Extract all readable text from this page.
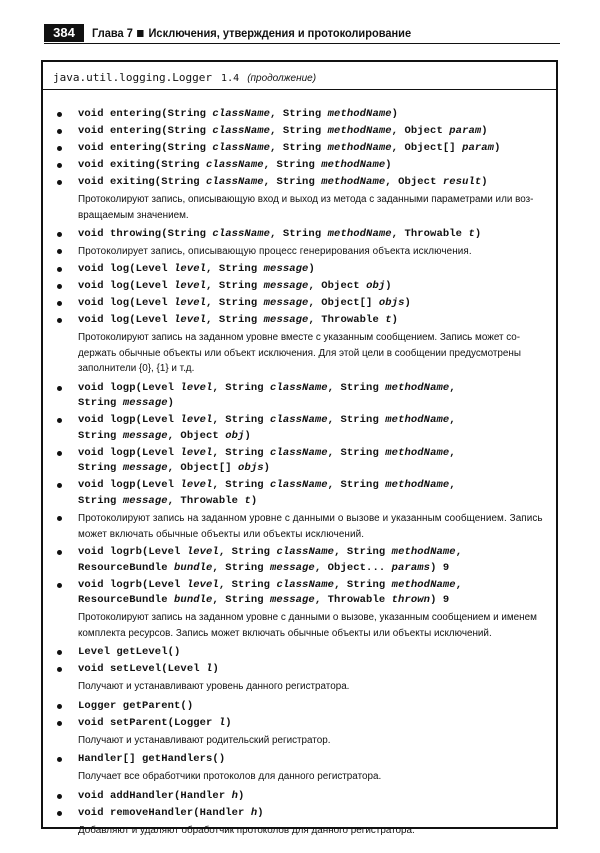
384	Глава 7 Исключения, утверждения и протоколирование
java.util.logging.Logger 1.4 (продолжение)
void entering(String className, String methodName)
void entering(String className, String methodName, Object param)
void entering(String className, String methodName, Object[] param)
void exiting(String className, String methodName)
void exiting(String className, String methodName, Object result)
Протоколируют запись, описывающую вход и выход из метода с заданными параметрами или воз-вращаемым значением.
void throwing(String className, String methodName, Throwable t)
Протоколирует запись, описывающую процесс генерирования объекта исключения.
void log(Level level, String message)
void log(Level level, String message, Object obj)
void log(Level level, String message, Object[] objs)
void log(Level level, String message, Throwable t)
Протоколируют запись на заданном уровне вместе с указанным сообщением. Запись может со-держать обычные объекты или объект исключения. Для этой цели в сообщении предусмотрены заполнители {0}, {1} и т.д.
void logp(Level level, String className, String methodName,
String message)
void logp(Level level, String className, String methodName,
String message, Object obj)
void logp(Level level, String className, String methodName,
String message, Object[] objs)
void logp(Level level, String className, String methodName,
String message, Throwable t)
Протоколируют запись на заданном уровне с данными о вызове и указанным сообщением. Запись может включать обычные объекты или объекты исключений.
void logrb(Level level, String className, String methodName,
ResourceBundle bundle, String message, Object... params) 9
void logrb(Level level, String className, String methodName,
ResourceBundle bundle, String message, Throwable thrown) 9
Протоколируют запись на заданном уровне с данными о вызове, указанным сообщением и именем комплекта ресурсов. Запись может включать обычные объекты или объекты исключений.
Level getLevel()
void setLevel(Level l)
Получают и устанавливают уровень данного регистратора.
Logger getParent()
void setParent(Logger l)
Получают и устанавливают родительский регистратор.
Handler[] getHandlers()
Получает все обработчики протоколов для данного регистратора.
void addHandler(Handler h)
void removeHandler(Handler h)
Добавляют и удаляют обработчик протоколов для данного регистратора.
